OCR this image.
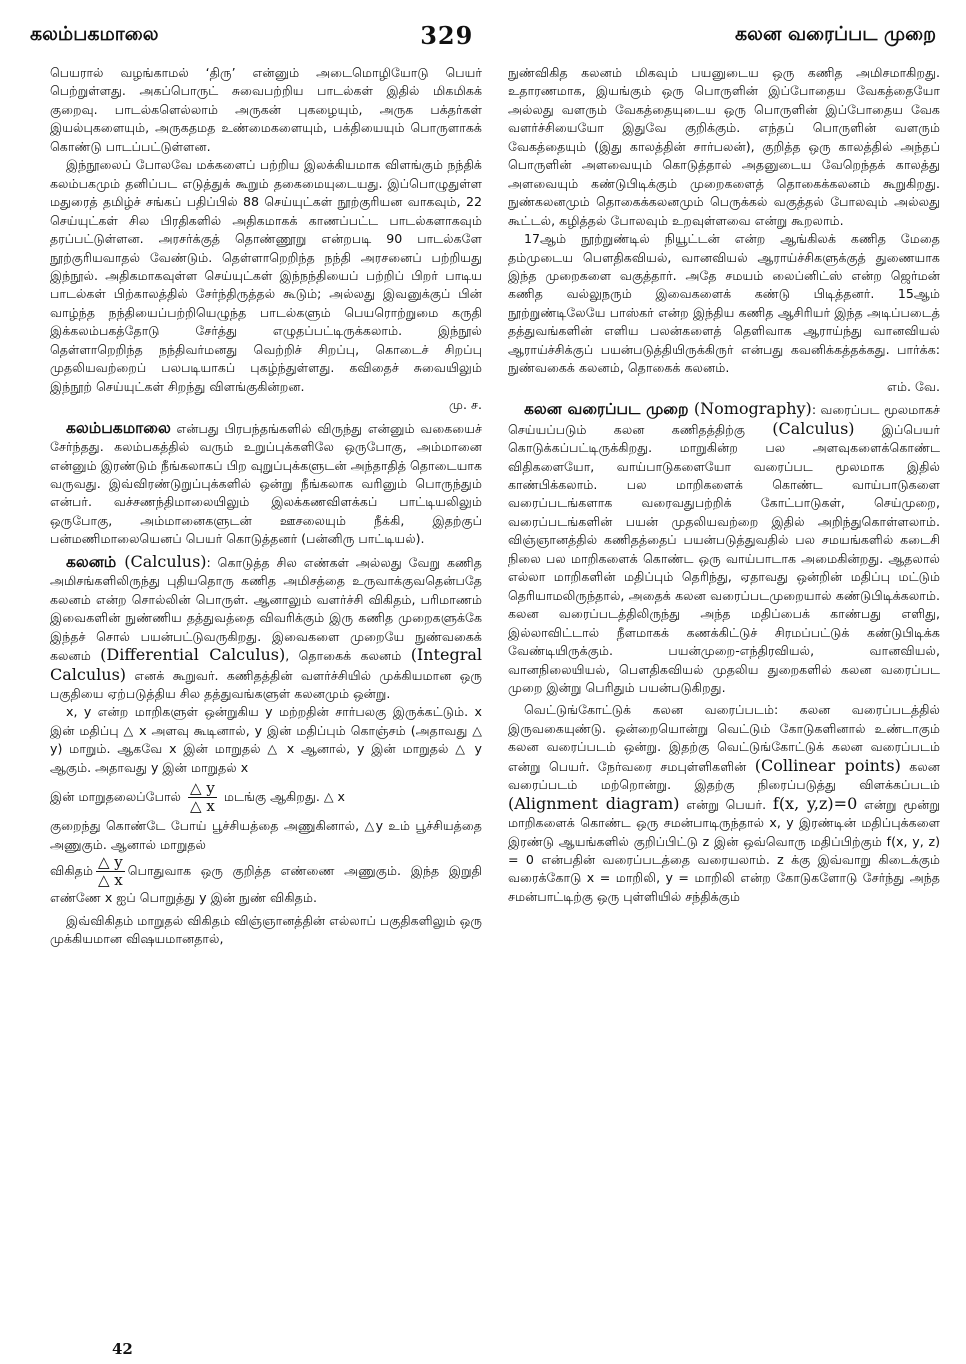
கலம்பகமாலை	329	கலன வரைப்பட முறை

பெயரால் வழங்காமல் ‘திரு’ என்னும் அடைமொழியோடு பெயர் பெற்றுள்ளது. அகப்பொருட் சுவைபற்றிய பாடல்கள் இதில் மிகமிகக் குறைவு. பாடல்களெல்லாம் அருகன் புகழையும், அருக பக்தர்கள் இயல்புகளையும், அருகதமத உண்மைகளையும், பக்தியையும் பொருளாகக் கொண்டு பாடப்பட்டுள்ளன.

இந்நூலைப் போலவே மக்களைப் பற்றிய இலக்கியமாக விளங்கும் நந்திக் கலம்பகமும் தனிப்பட எடுத்துக் கூறும் தகைமையுடையது. இப்பொழுதுள்ள மதுரைத் தமிழ்ச் சங்கப் பதிப்பில் 88 செய்யுட்கள் நூற்குரியன வாகவும், 22 செய்யுட்கள் சில பிரதிகளில் அதிகமாகக் காணப்பட்ட பாடல்களாகவும் தரப்பட்டுள்ளன. அரசர்க்குத் தொண்ணூறு என்றபடி 90 பாடல்களே நூற்குரியவாதல் வேண்டும். தெள்ளாறெறிந்த நந்தி அரசனைப் பற்றியது இந்நூல். அதிகமாகவுள்ள செய்யுட்கள் இந்நந்தியைப் பற்றிப் பிறர் பாடிய பாடல்கள் பிற்காலத்தில் சேர்ந்திருத்தல் கூடும்; அல்லது இவனுக்குப் பின் வாழ்ந்த நந்தியைப்பற்றியெழுந்த பாடல்களும் பெயரொற்றுமை கருதி இக்கலம்பகத்தோடு சேர்த்து எழுதப்பட்டிருக்கலாம். இந்நூல் தெள்ளாறெறிந்த நந்திவர்மனது வெற்றிச் சிறப்பு, கொடைச் சிறப்பு முதலியவற்றைப் பலபடியாகப் புகழ்ந்துள்ளது. கவிதைச் சுவையிலும் இந்நூற் செய்யுட்கள் சிறந்து விளங்குகின்றன.

மு. ச.

கலம்பகமாலை என்பது பிரபந்தங்களில் விருந்து என்னும் வகையைச் சேர்ந்தது. கலம்பகத்தில் வரும் உறுப்புக்களிலே ஒருபோகு, அம்மானை என்னும் இரண்டும் நீங்கலாகப் பிற வுறுப்புக்களுடன் அந்தாதித் தொடையாக வருவது. இவ்விரண்டுறுப்புக்களில் ஒன்று நீங்கலாக வரினும் பொருந்தும் என்பர். வச்சணந்திமாலையிலும் இலக்கணவிளக்கப் பாட்டியலிலும் ஒருபோகு, அம்மானைகளுடன் ஊசலையும் நீக்கி, இதற்குப் பன்மணிமாலையெனப் பெயர் கொடுத்தனர் (பன்னிரு பாட்டியல்).

கலனம் (Calculus): கொடுத்த சில எண்கள் அல்லது வேறு கணித அமிசங்களிலிருந்து புதியதொரு கணித அமிசத்தை உருவாக்குவதென்பதே கலனம் என்ற சொல்லின் பொருள். ஆனாலும் வளர்ச்சி விகிதம், பரிமாணம் இவைகளின் நுண்ணிய தத்துவத்தை விவரிக்கும் இரு கணித முறைகளுக்கே இந்தச் சொல் பயன்பட்டுவருகிறது. இவைகளை முறையே நுண்வகைக் கலனம் (Differential Calculus), தொகைக் கலனம் (Integral Calculus) எனக் கூறுவர். கணிதத்தின் வளர்ச்சியில் முக்கியமான ஒரு பகுதியை ஏற்படுத்திய சில தத்துவங்களுள் கலனமும் ஒன்று.

x, y என்ற மாறிகளுள் ஒன்றுகிய y மற்றதின் சார்பலகு இருக்கட்டும். x இன் மதிப்பு △ x அளவு கூடினால், y இன் மதிப்பும் கொஞ்சம் (அதாவது △ y) மாறும். ஆகவே x இன் மாறுதல் △ x ஆனால், y இன் மாறுதல் △ y ஆகும். அதாவது y இன் மாறுதல் x

இன் மாறுதலைப்போல் $\frac{\triangle y}{\triangle x}$ மடங்கு ஆகிறது. △ x

குறைந்து கொண்டே போய் பூச்சியத்தை அணுகினால், △y உம் பூச்சியத்தை அணுகும். ஆனால் மாறுதல்

விகிதம் $\frac{\triangle y}{\triangle x}$ பொதுவாக ஒரு குறித்த எண்ணை அணுகும். இந்த இறுதி எண்ணே x ஐப் பொறுத்து y இன் நுண் விகிதம்.

இவ்விகிதம் மாறுதல் விகிதம் விஞ்ஞானத்தின் எல்லாப் பகுதிகளிலும் ஒரு முக்கியமான விஷயமானதால்,

நுண்விகித கலனம் மிகவும் பயனுடைய ஒரு கணித அமிசமாகிறது. உதாரணமாக, இயங்கும் ஒரு பொருளின் இப்போதைய வேகத்தையோ அல்லது வளரும் வேகத்தையுடைய ஒரு பொருளின் இப்போதைய வேக வளர்ச்சியையோ இதுவே குறிக்கும். எந்தப் பொருளின் வளரும் வேகத்தையும் (இது காலத்தின் சார்பலன்), குறித்த ஒரு காலத்தில் அந்தப் பொருளின் அளவையும் கொடுத்தால் அதனுடைய வேறெந்தக் காலத்து அளவையும் கண்டுபிடிக்கும் முறைகளைத் தொகைக்கலனம் கூறுகிறது. நுண்கலனமும் தொகைக்கலனமும் பெருக்கல் வகுத்தல் போலவும் அல்லது கூட்டல், கழித்தல் போலவும் உறவுள்ளவை என்று கூறலாம்.

17ஆம் நூற்றுண்டில் நியூட்டன் என்ற ஆங்கிலக் கணித மேதை தம்முடைய பௌதிகவியல், வானவியல் ஆராய்ச்சிகளுக்குத் துணையாக இந்த முறைகளை வகுத்தார். அதே சமயம் லைப்னிட்ஸ் என்ற ஜெர்மன் கணித வல்லுநரும் இவைகளைக் கண்டு பிடித்தனர். 15ஆம் நூற்றுண்டிலேயே பாஸ்கர் என்ற இந்திய கணித ஆசிரியர் இந்த அடிப்படைத் தத்துவங்களின் எளிய பலன்களைத் தெளிவாக ஆராய்ந்து வானவியல் ஆராய்ச்சிக்குப் பயன்படுத்தியிருக்கிருர் என்பது கவனிக்கத்தக்கது. பார்க்க: நுண்வகைக் கலனம், தொகைக் கலனம்.

எம். வே.

கலன வரைப்பட முறை (Nomography): வரைப்பட மூலமாகச் செய்யப்படும் கலன கணிதத்திற்கு (Calculus) இப்பெயர் கொடுக்கப்பட்டிருக்கிறது. மாறுகின்ற பல அளவுகளைக்கொண்ட விதிகளையோ, வாய்பாடுகளையோ வரைப்பட மூலமாக இதில் காண்பிக்கலாம். பல மாறிகளைக் கொண்ட வாய்பாடுகளை வரைப்படங்களாக வரைவதுபற்றிக் கோட்பாடுகள், செய்முறை, வரைப்படங்களின் பயன் முதலியவற்றை இதில் அறிந்துகொள்ளலாம். விஞ்ஞானத்தில் கணிதத்தைப் பயன்படுத்துவதில் பல சமயங்களில் கடைசி நிலை பல மாறிகளைக் கொண்ட ஒரு வாய்பாடாக அமைகின்றது. ஆதலால் எல்லா மாறிகளின் மதிப்பும் தெரிந்து, ஏதாவது ஒன்றின் மதிப்பு மட்டும் தெரியாமலிருந்தால், அதைக் கலன வரைப்படமுறையால் கண்டுபிடிக்கலாம். கலன வரைப்படத்திலிருந்து அந்த மதிப்பைக் காண்பது எளிது, இல்லாவிட்டால் நீளமாகக் கணக்கிட்டுச் சிரமப்பட்டுக் கண்டுபிடிக்க வேண்டியிருக்கும். பயன்முறை-எந்திரவியல், வானவியல், வானநிலையியல், பௌதிகவியல் முதலிய துறைகளில் கலன வரைப்பட முறை இன்று பெரிதும் பயன்படுகிறது.

வெட்டுங்கோட்டுக் கலன வரைப்படம்: கலன வரைப்படத்தில் இருவகையுண்டு. ஒன்றையொன்று வெட்டும் கோடுகளினால் உண்டாகும் கலன வரைப்படம் ஒன்று. இதற்கு வெட்டுங்கோட்டுக் கலன வரைப்படம் என்று பெயர். நேர்வரை சமபுள்ளிகளின் (Collinear points) கலன வரைப்படம் மற்றொன்று. இதற்கு நிரைப்படுத்து விளக்கப்படம் (Alignment diagram) என்று பெயர். f(x, y,z)=0 என்று மூன்று மாறிகளைக் கொண்ட ஒரு சமன்பாடிருந்தால் x, y இரண்டின் மதிப்புக்களை இரண்டு ஆயங்களில் குறிப்பிட்டு z இன் ஒவ்வொரு மதிப்பிற்கும் f(x, y, z) = 0 என்பதின் வரைப்படத்தை வரையலாம். z க்கு இவ்வாறு கிடைக்கும் வரைக்கோடு x = மாறிலி, y = மாறிலி என்ற கோடுகளோடு சேர்ந்து அந்த சமன்பாட்டிற்கு ஒரு புள்ளியில் சந்திக்கும்

42
